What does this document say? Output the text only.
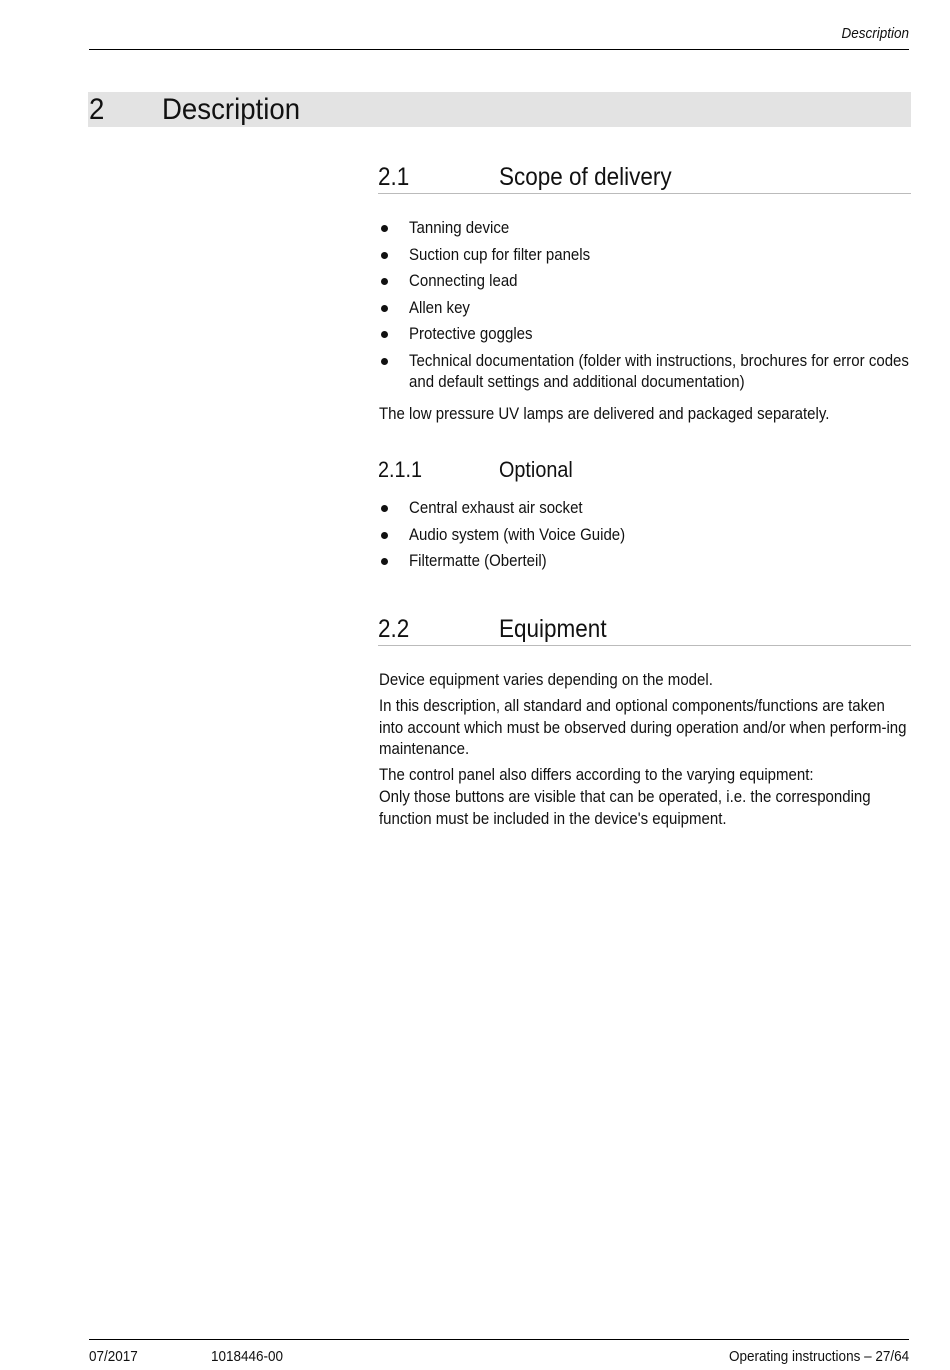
Description
2 Description
2.1	Scope of delivery
Tanning device
Suction cup for filter panels
Connecting lead
Allen key
Protective goggles
Technical documentation (folder with instructions, brochures for error codes and default settings and additional documentation)

The low pressure UV lamps are delivered and packaged separately.

2.1.1	Optional
Central exhaust air socket
Audio system (with Voice Guide)
Filtermatte (Oberteil)
2.2	Equipment

Device equipment varies depending on the model.

In this description, all standard and optional components/functions are taken into account which must be observed during operation and/or when perform-ing maintenance.

The control panel also differs according to the varying equipment:

Only those buttons are visible that can be operated, i.e. the corresponding function must be included in the device's equipment.

07/2017	1018446-00	Operating instructions – 27/64
